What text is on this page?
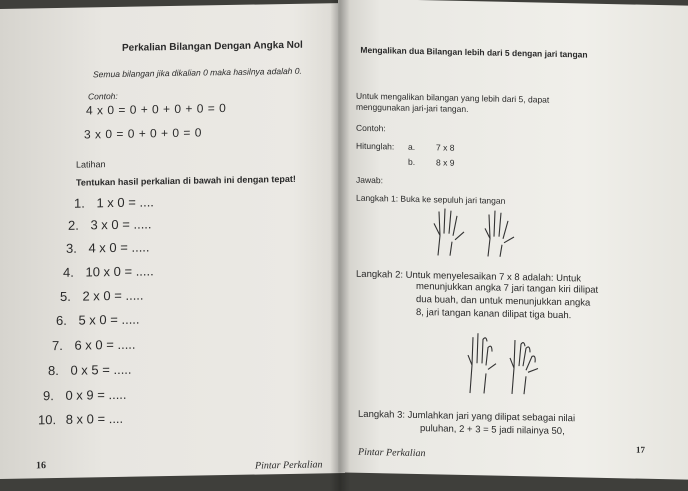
Perkalian Bilangan Dengan Angka Nol
Semua bilangan jika dikalian 0 maka hasilnya adalah 0.
Contoh:
4 x 0 = 0 + 0 + 0 + 0 = 0
3 x 0 = 0 + 0 + 0 = 0
Latihan
Tentukan hasil perkalian di bawah ini dengan tepat!
1. 1 x 0 = ....
2. 3 x 0 = .....
3. 4 x 0 = .....
4. 10 x 0 = .....
5. 2 x 0 = .....
6. 5 x 0 = .....
7. 6 x 0 = .....
8. 0 x 5 = .....
9. 0 x 9 = .....
10. 8 x 0 = ....
16	Pintar Perkalian
Mengalikan dua Bilangan lebih dari 5 dengan jari tangan
Untuk mengalikan bilangan yang lebih dari 5, dapat
menggunakan jari-jari tangan.
Contoh:
Hitunglah: a. 7 x 8
b. 8 x 9
Jawab:
Langkah 1: Buka ke sepuluh jari tangan
Langkah 2: Untuk menyelesaikan 7 x 8 adalah: Untuk
menunjukkan angka 7 jari tangan kiri dilipat
dua buah, dan untuk menunjukkan angka
8, jari tangan kanan dilipat tiga buah.
Langkah 3: Jumlahkan jari yang dilipat sebagai nilai
puluhan, 2 + 3 = 5 jadi nilainya 50,
Pintar Perkalian	17
